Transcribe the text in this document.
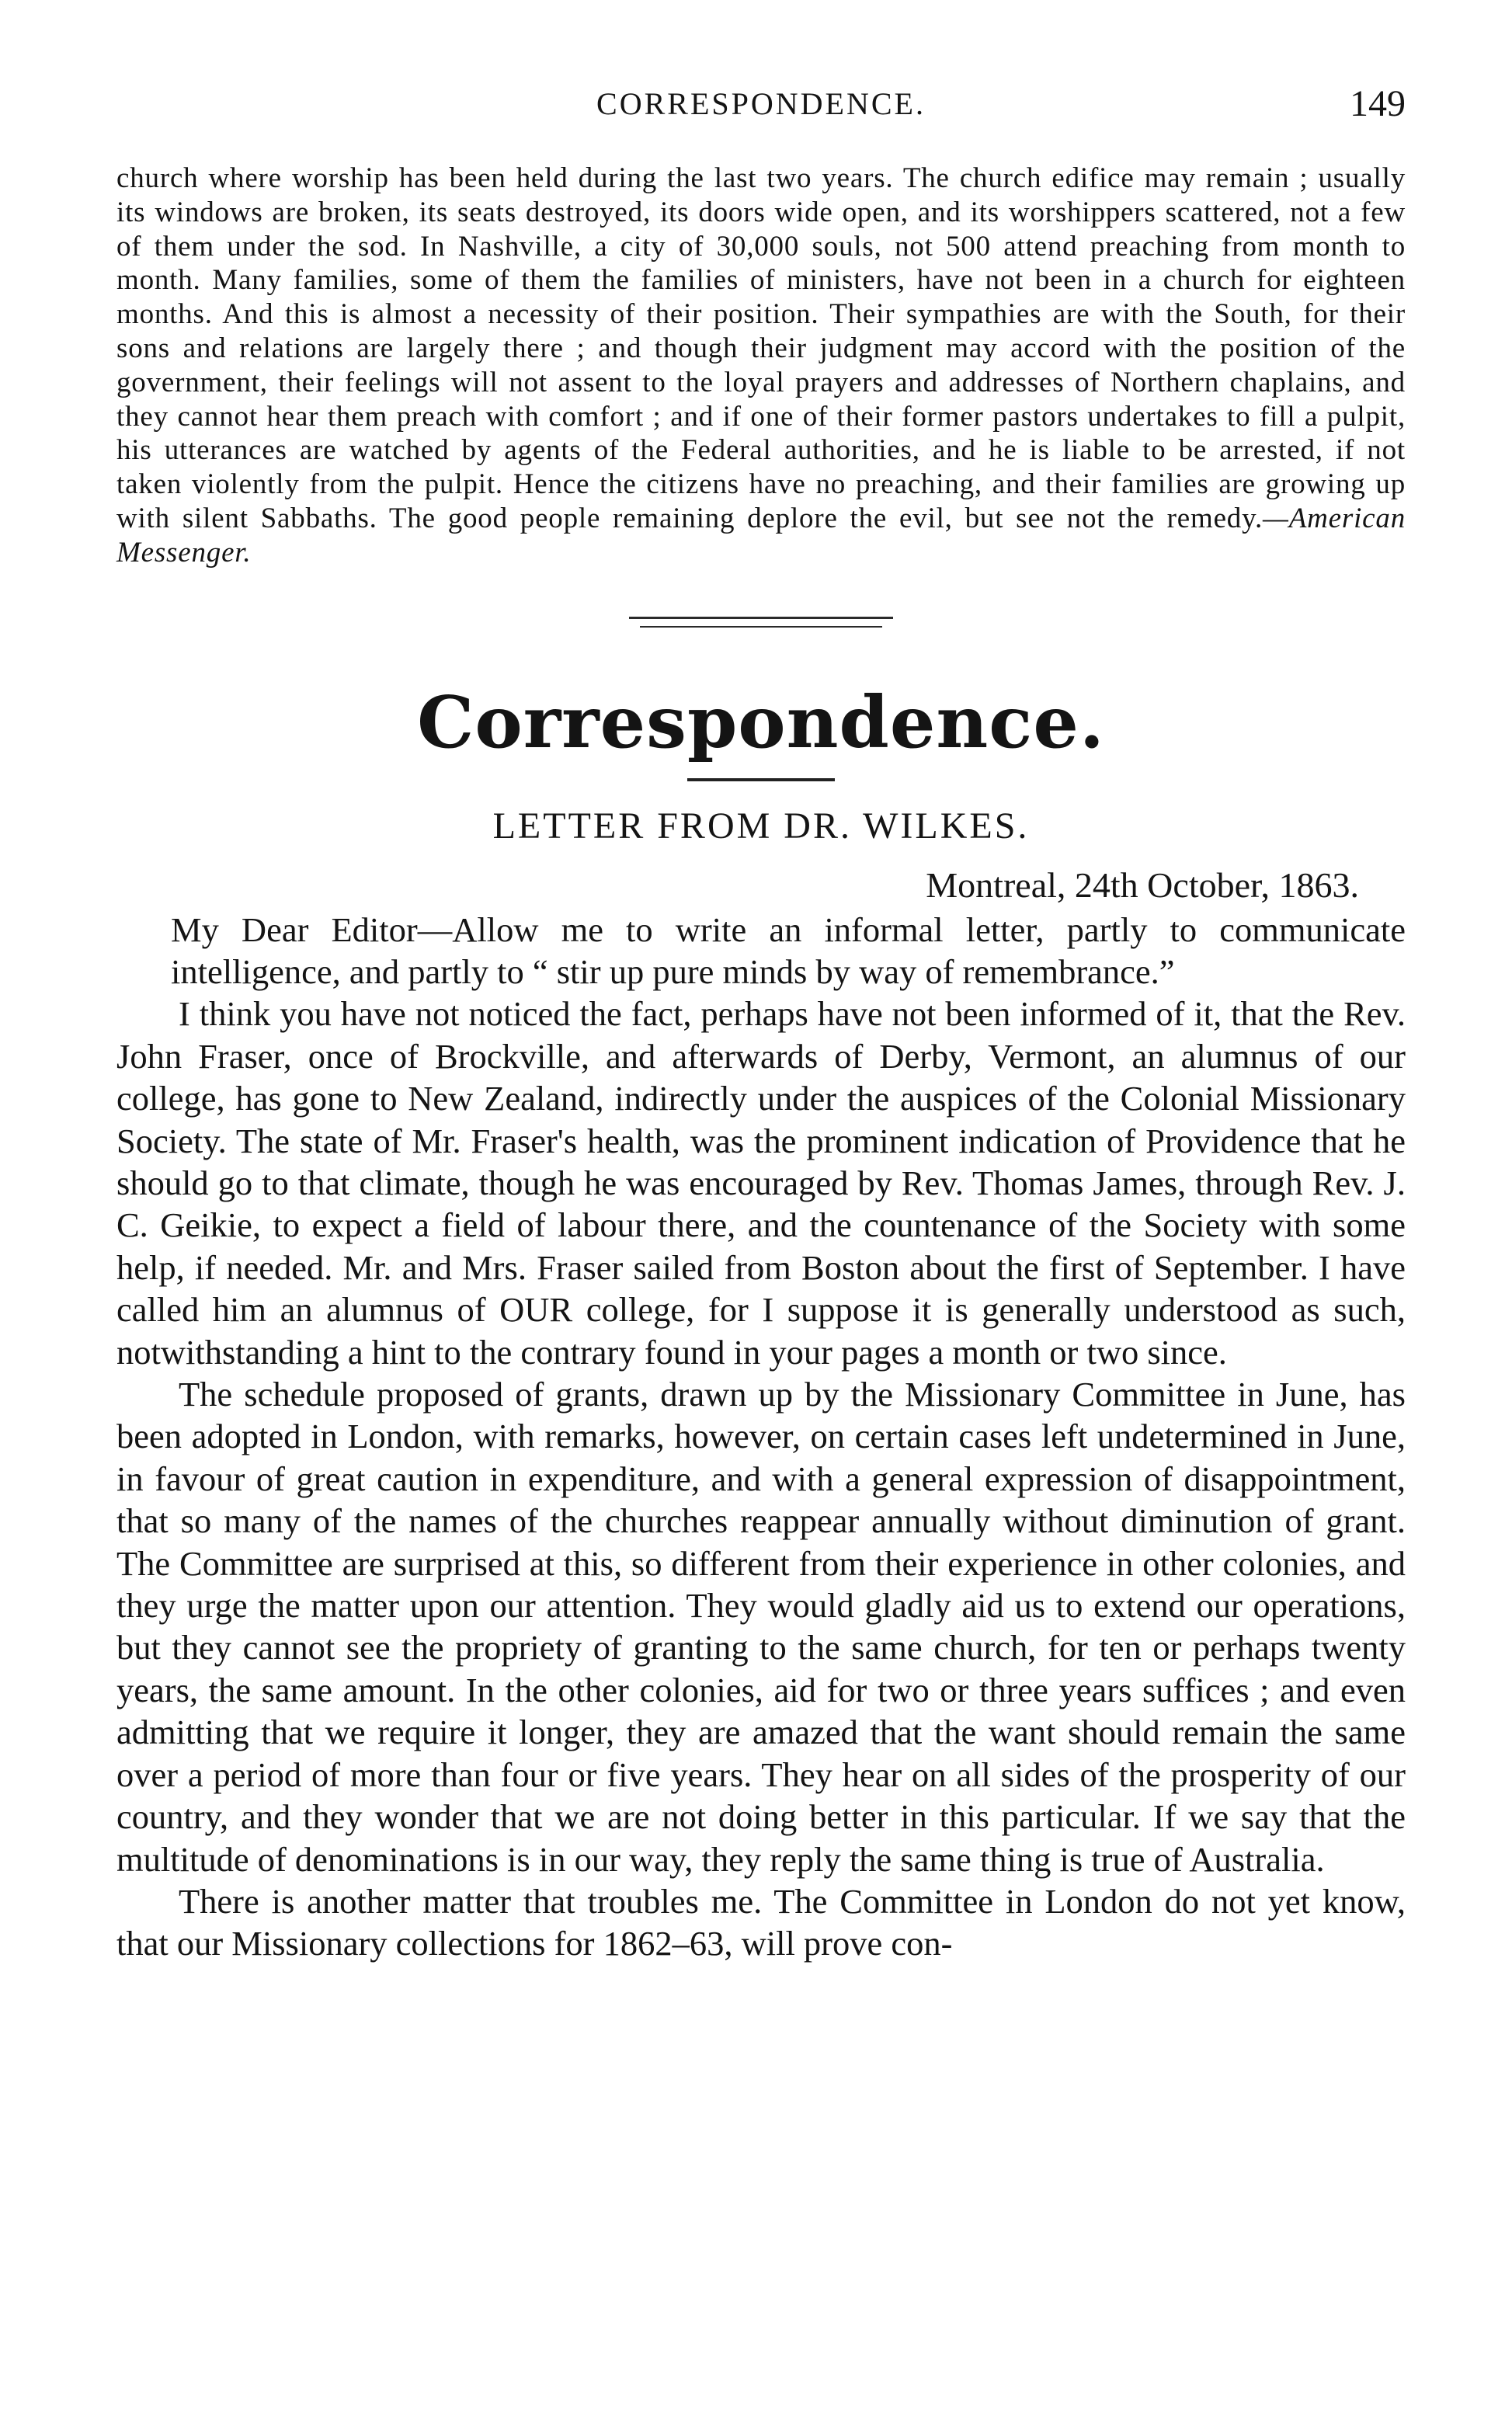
CORRESPONDENCE.	149

church where worship has been held during the last two years. The church edifice may remain ; usually its windows are broken, its seats destroyed, its doors wide open, and its worshippers scattered, not a few of them under the sod. In Nashville, a city of 30,000 souls, not 500 attend preaching from month to month. Many families, some of them the families of ministers, have not been in a church for eighteen months. And this is almost a necessity of their position. Their sympathies are with the South, for their sons and relations are largely there ; and though their judgment may accord with the position of the government, their feelings will not assent to the loyal prayers and addresses of Northern chaplains, and they cannot hear them preach with comfort ; and if one of their former pastors undertakes to fill a pulpit, his utterances are watched by agents of the Federal authorities, and he is liable to be arrested, if not taken violently from the pulpit. Hence the citizens have no preaching, and their families are growing up with silent Sabbaths. The good people remaining deplore the evil, but see not the remedy.—American Messenger.

Correspondence.
LETTER FROM DR. WILKES.
Montreal, 24th October, 1863.

My Dear Editor—Allow me to write an informal letter, partly to communicate intelligence, and partly to “ stir up pure minds by way of remembrance.”

I think you have not noticed the fact, perhaps have not been informed of it, that the Rev. John Fraser, once of Brockville, and afterwards of Derby, Vermont, an alumnus of our college, has gone to New Zealand, indirectly under the auspices of the Colonial Missionary Society. The state of Mr. Fraser's health, was the prominent indication of Providence that he should go to that climate, though he was encouraged by Rev. Thomas James, through Rev. J. C. Geikie, to expect a field of labour there, and the countenance of the Society with some help, if needed. Mr. and Mrs. Fraser sailed from Boston about the first of September. I have called him an alumnus of OUR college, for I suppose it is generally understood as such, notwithstanding a hint to the contrary found in your pages a month or two since.

The schedule proposed of grants, drawn up by the Missionary Committee in June, has been adopted in London, with remarks, however, on certain cases left undetermined in June, in favour of great caution in expenditure, and with a general expression of disappointment, that so many of the names of the churches reappear annually without diminution of grant. The Committee are surprised at this, so different from their experience in other colonies, and they urge the matter upon our attention. They would gladly aid us to extend our operations, but they cannot see the propriety of granting to the same church, for ten or perhaps twenty years, the same amount. In the other colonies, aid for two or three years suffices ; and even admitting that we require it longer, they are amazed that the want should remain the same over a period of more than four or five years. They hear on all sides of the prosperity of our country, and they wonder that we are not doing better in this particular. If we say that the multitude of denominations is in our way, they reply the same thing is true of Australia.

There is another matter that troubles me. The Committee in London do not yet know, that our Missionary collections for 1862–63, will prove con-
